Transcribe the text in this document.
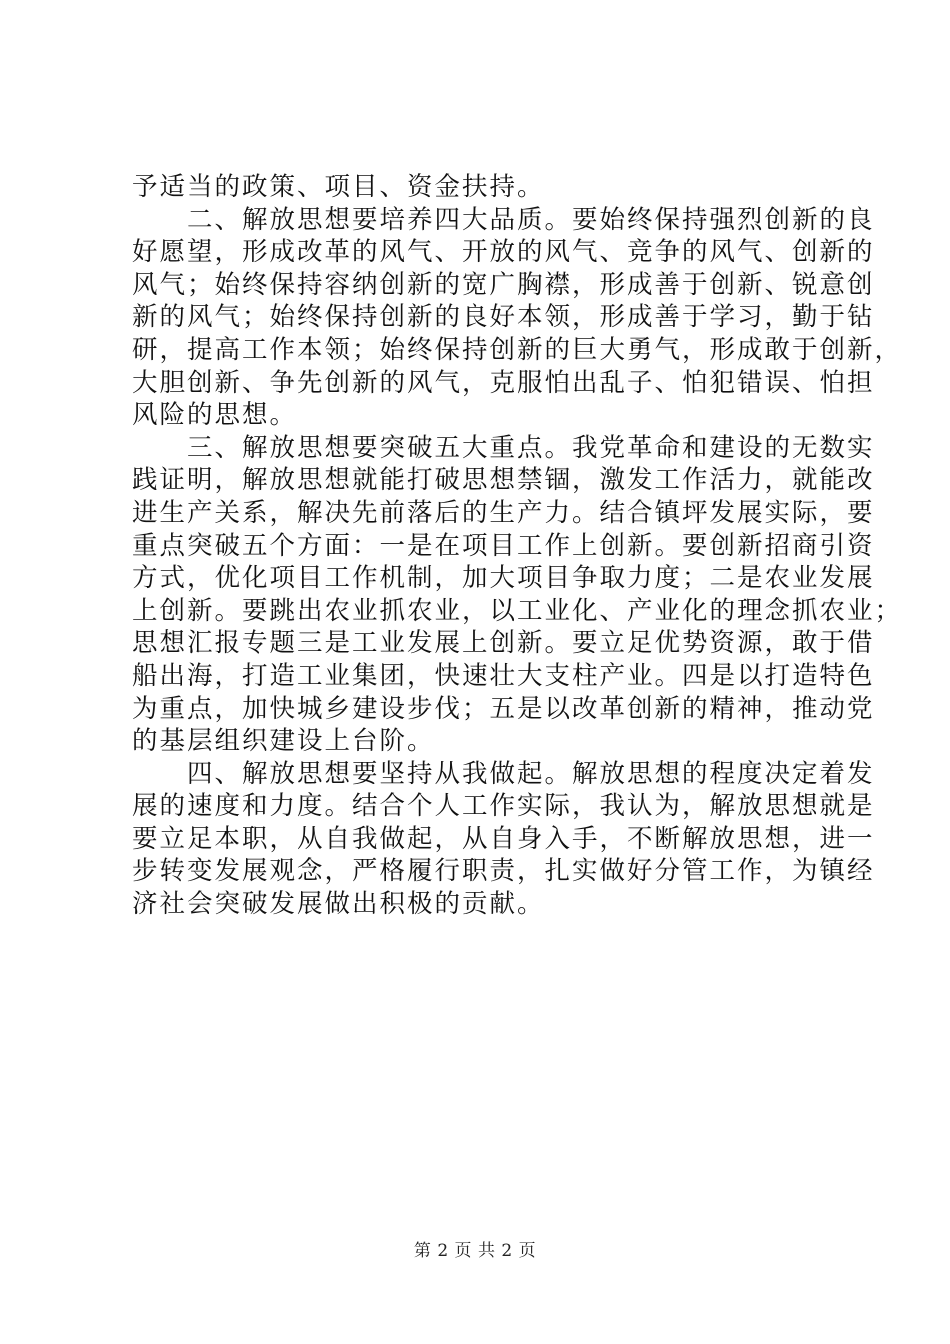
予适当的政策、项目、资金扶持。
二、解放思想要培养四大品质。要始终保持强烈创新的良
好愿望，形成改革的风气、开放的风气、竞争的风气、创新的
风气；始终保持容纳创新的宽广胸襟，形成善于创新、锐意创
新的风气；始终保持创新的良好本领，形成善于学习，勤于钻
研，提高工作本领；始终保持创新的巨大勇气，形成敢于创新，
大胆创新、争先创新的风气，克服怕出乱子、怕犯错误、怕担
风险的思想。
三、解放思想要突破五大重点。我党革命和建设的无数实
践证明，解放思想就能打破思想禁锢，激发工作活力，就能改
进生产关系，解决先前落后的生产力。结合镇坪发展实际，要
重点突破五个方面：一是在项目工作上创新。要创新招商引资
方式，优化项目工作机制，加大项目争取力度；二是农业发展
上创新。要跳出农业抓农业，以工业化、产业化的理念抓农业；
思想汇报专题三是工业发展上创新。要立足优势资源，敢于借
船出海，打造工业集团，快速壮大支柱产业。四是以打造特色
为重点，加快城乡建设步伐；五是以改革创新的精神，推动党
的基层组织建设上台阶。
四、解放思想要坚持从我做起。解放思想的程度决定着发
展的速度和力度。结合个人工作实际，我认为，解放思想就是
要立足本职，从自我做起，从自身入手，不断解放思想，进一
步转变发展观念，严格履行职责，扎实做好分管工作，为镇经
济社会突破发展做出积极的贡献。
第 2 页 共 2 页
